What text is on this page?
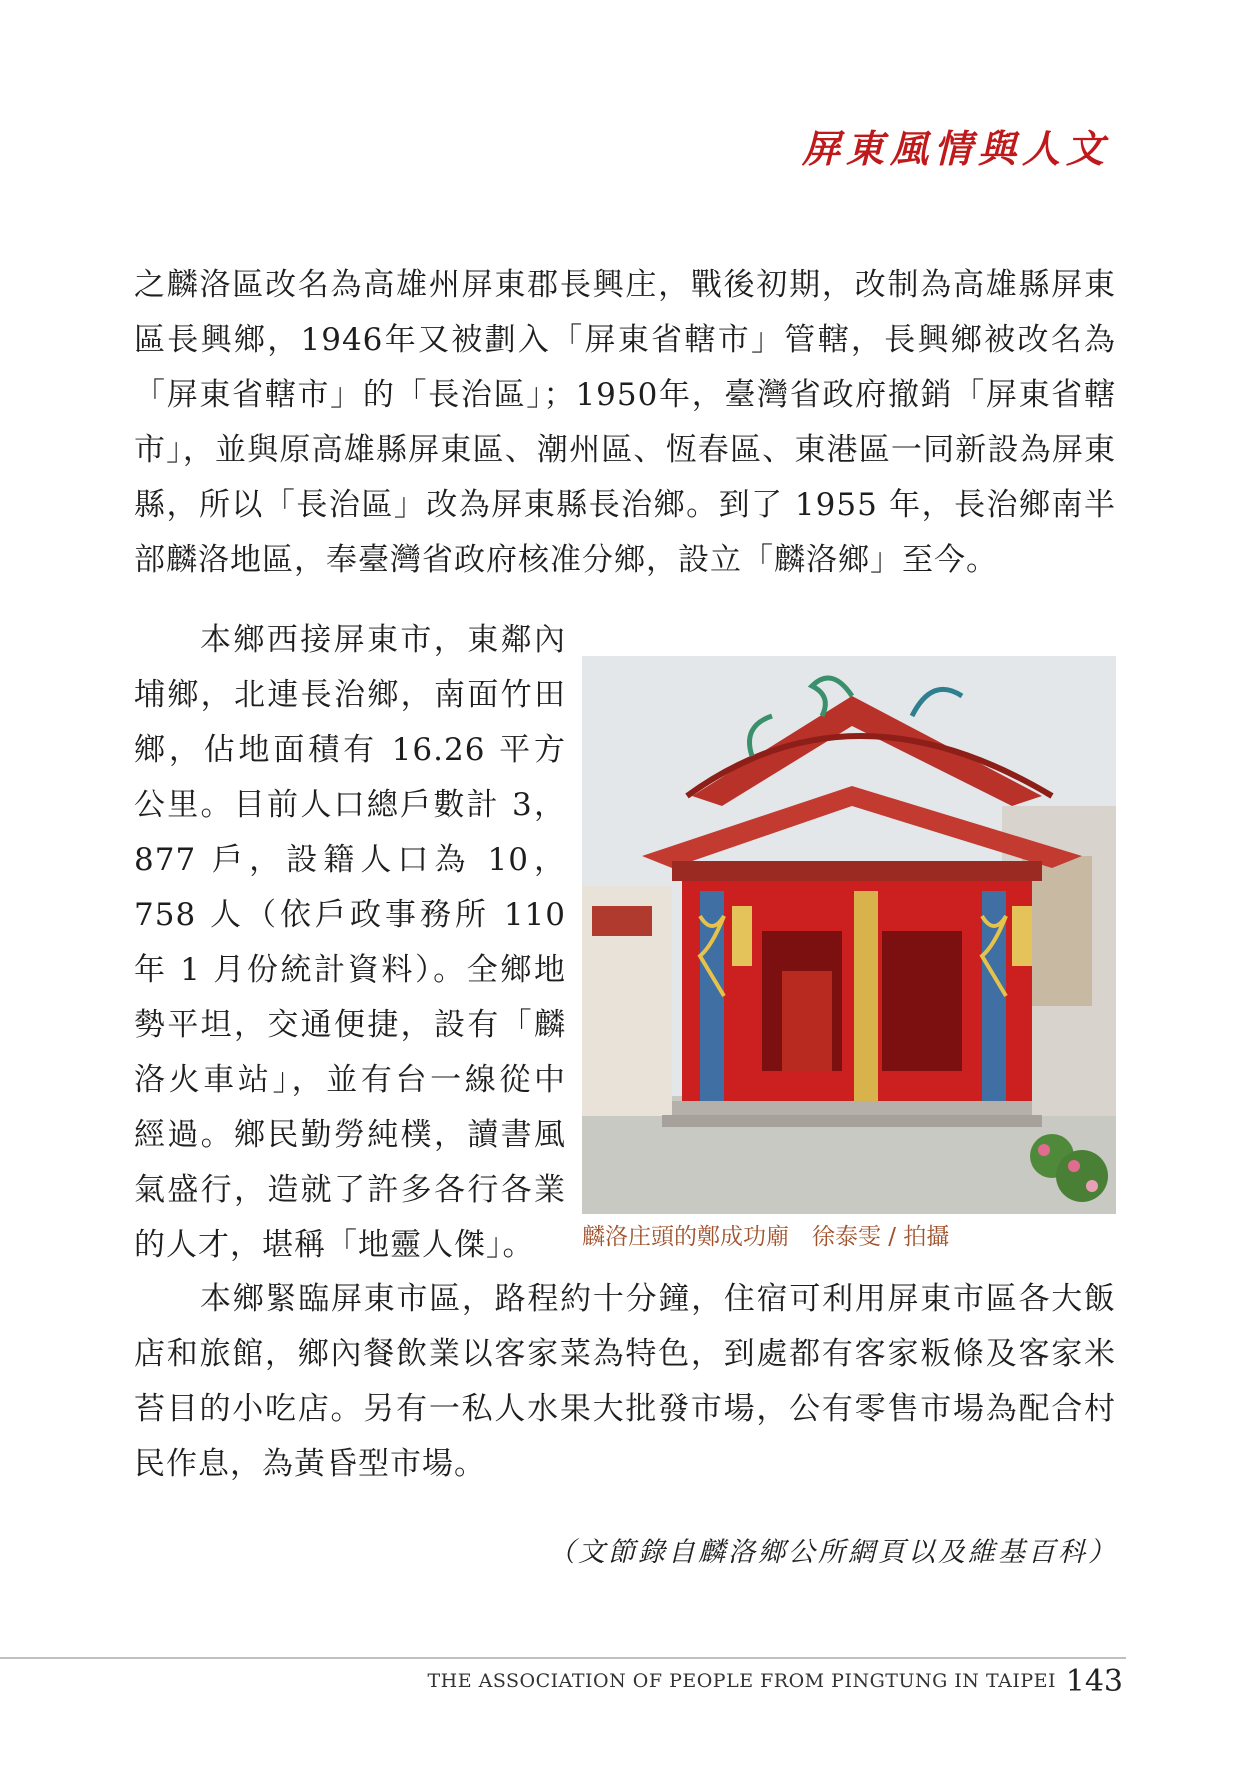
屏東風情與人文

之麟洛區改名為高雄州屏東郡長興庄，戰後初期，改制為高雄縣屏東區長興鄉，1946年又被劃入「屏東省轄市」管轄，長興鄉被改名為「屏東省轄市」的「長治區」；1950年，臺灣省政府撤銷「屏東省轄市」，並與原高雄縣屏東區、潮州區、恆春區、東港區一同新設為屏東縣，所以「長治區」改為屏東縣長治鄉。到了 1955 年，長治鄉南半部麟洛地區，奉臺灣省政府核准分鄉，設立「麟洛鄉」至今。

本鄉西接屏東市，東鄰內埔鄉，北連長治鄉，南面竹田鄉，佔地面積有 16.26 平方公里。目前人口總戶數計 3，877 戶，設籍人口為 10，758 人（依戶政事務所 110 年 1 月份統計資料）。全鄉地勢平坦，交通便捷，設有「麟洛火車站」，並有台一線從中經過。鄉民勤勞純樸，讀書風氣盛行，造就了許多各行各業的人才，堪稱「地靈人傑」。	麟洛庄頭的鄭成功廟　徐泰雯 / 拍攝

本鄉緊臨屏東市區，路程約十分鐘，住宿可利用屏東市區各大飯店和旅館，鄉內餐飲業以客家菜為特色，到處都有客家粄條及客家米苔目的小吃店。另有一私人水果大批發市場，公有零售市場為配合村民作息，為黃昏型市場。

（文節錄自麟洛鄉公所網頁以及維基百科）
THE ASSOCIATION OF PEOPLE FROM PINGTUNG IN TAIPEI 143
